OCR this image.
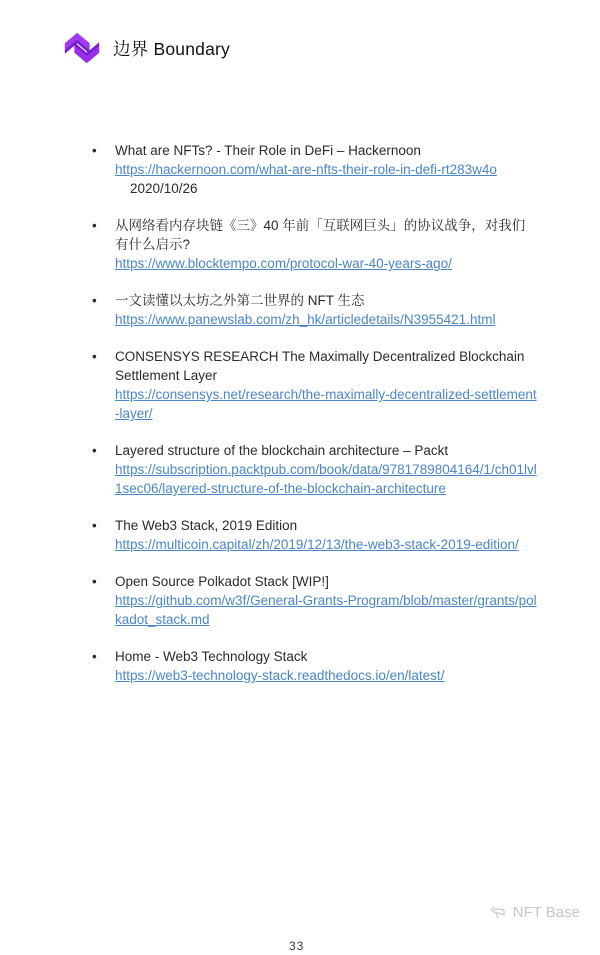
边界 Boundary
•	What are NFTs? - Their Role in DeFi – Hackernoon
https://hackernoon.com/what-are-nfts-their-role-in-defi-rt283w4o2020/10/26
•	从网络看内存块链《三》40 年前「互联网巨头」的协议战争，对我们有什么启示?
https://www.blocktempo.com/protocol-war-40-years-ago/
•	一文读懂以太坊之外第二世界的 NFT 生态
https://www.panewslab.com/zh_hk/articledetails/N3955421.html
•	CONSENSYS RESEARCH The Maximally Decentralized Blockchain Settlement Layer
https://consensys.net/research/the-maximally-decentralized-settlement-layer/
•	Layered structure of the blockchain architecture – Packt
https://subscription.packtpub.com/book/data/9781789804164/1/ch01lvl1sec06/layered-structure-of-the-blockchain-architecture
•	The Web3 Stack, 2019 Edition
https://multicoin.capital/zh/2019/12/13/the-web3-stack-2019-edition/
•	Open Source Polkadot Stack [WIP!]
https://github.com/w3f/General-Grants-Program/blob/master/grants/polkadot_stack.md
•	Home - Web3 Technology Stack
https://web3-technology-stack.readthedocs.io/en/latest/
NFT Base
33
